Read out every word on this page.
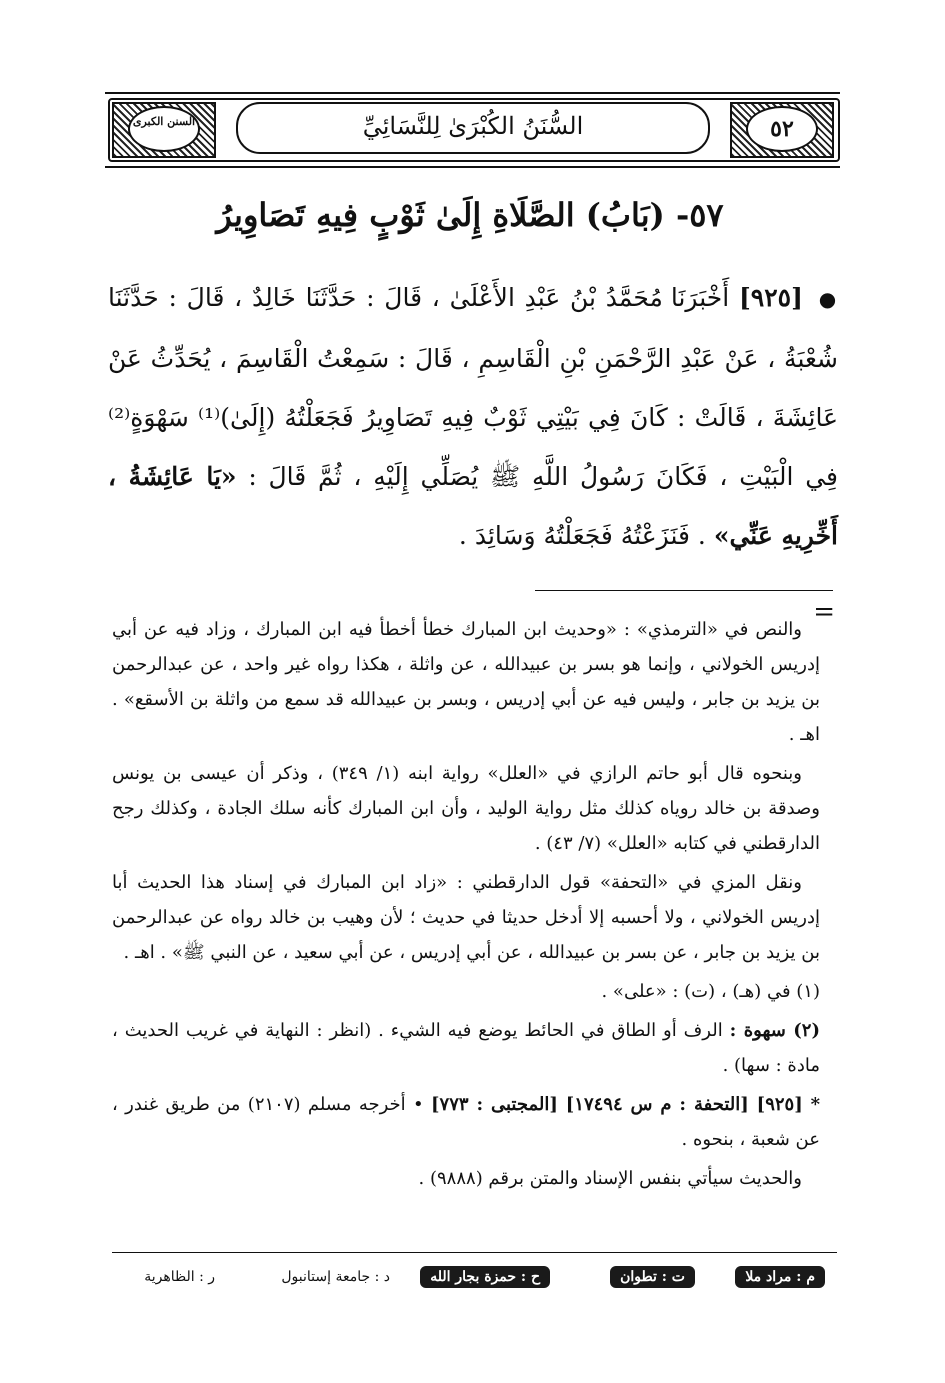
السنن الكبرى	٥٢
السُّنَنُ الكُبْرَىٰ لِلنَّسَائِيِّ
٥٧- (بَابُ) الصَّلَاةِ إِلَىٰ ثَوْبٍ فِيهِ تَصَاوِيرُ

● [٩٢٥] أَخْبَرَنَا مُحَمَّدُ بْنُ عَبْدِ الأَعْلَىٰ ، قَالَ : حَدَّثَنَا خَالِدٌ ، قَالَ : حَدَّثَنَا شُعْبَةُ ، عَنْ عَبْدِ الرَّحْمَنِ بْنِ الْقَاسِمِ ، قَالَ : سَمِعْتُ الْقَاسِمَ ، يُحَدِّثُ عَنْ عَائِشَةَ ، قَالَتْ : كَانَ فِي بَيْتِي ثَوْبٌ فِيهِ تَصَاوِيرُ فَجَعَلْتُهُ (إِلَىٰ)⁽¹⁾ سَهْوَةٍ⁽²⁾ فِي الْبَيْتِ ، فَكَانَ رَسُولُ اللَّهِ ﷺ يُصَلِّي إِلَيْهِ ، ثُمَّ قَالَ : «يَا عَائِشَةُ ، أَخِّرِيهِ عَنِّي» . فَنَزَعْتُهُ فَجَعَلْتُهُ وَسَائِدَ .

=

والنص في «الترمذي» : «وحديث ابن المبارك خطأ أخطأ فيه ابن المبارك ، وزاد فيه عن أبي إدريس الخولاني ، وإنما هو بسر بن عبيدالله ، عن واثلة ، هكذا رواه غير واحد ، عن عبدالرحمن بن يزيد بن جابر ، وليس فيه عن أبي إدريس ، وبسر بن عبيدالله قد سمع من واثلة بن الأسقع» . اهـ .

وبنحوه قال أبو حاتم الرازي في «العلل» رواية ابنه (١/ ٣٤٩) ، وذكر أن عيسى بن يونس وصدقة بن خالد روياه كذلك مثل رواية الوليد ، وأن ابن المبارك كأنه سلك الجادة ، وكذلك رجح الدارقطني في كتابه «العلل» (٧/ ٤٣) .

ونقل المزي في «التحفة» قول الدارقطني : «زاد ابن المبارك في إسناد هذا الحديث أبا إدريس الخولاني ، ولا أحسبه إلا أدخل حديثا في حديث ؛ لأن وهيب بن خالد رواه عن عبدالرحمن بن يزيد بن جابر ، عن بسر بن عبيدالله ، عن أبي إدريس ، عن أبي سعيد ، عن النبي ﷺ» . اهـ .

(١) في (هـ) ، (ت) : «على» .

(٢) سهوة : الرف أو الطاق في الحائط يوضع فيه الشيء . (انظر : النهاية في غريب الحديث ، مادة : سها) .

* [٩٢٥] [التحفة : م س ١٧٤٩٤] [المجتبى : ٧٧٣] • أخرجه مسلم (٢١٠٧) من طريق غندر ، عن شعبة ، بنحوه .

والحديث سيأتي بنفس الإسناد والمتن برقم (٩٨٨٨) .

م : مراد ملا
ت : تطوان
ح : حمزة بجار الله
د : جامعة إستانبول
ر : الظاهرية
